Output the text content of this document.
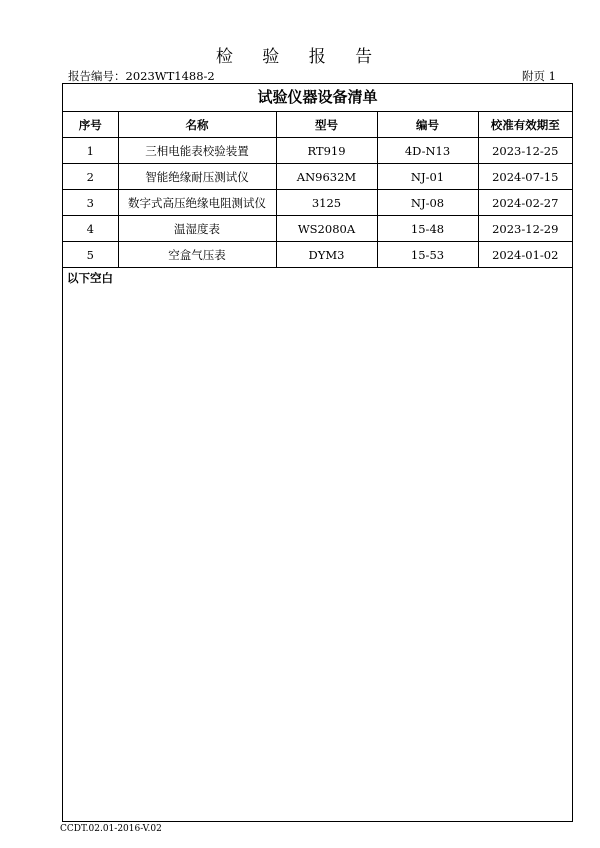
检 验 报 告
报告编号：2023WT1488-2	附页 1
试验仪器设备清单
序号	名称	型号	编号	校准有效期至
1	三相电能表校验装置	RT919	4D-N13	2023-12-25
2	智能绝缘耐压测试仪	AN9632M	NJ-01	2024-07-15
3	数字式高压绝缘电阻测试仪	3125	NJ-08	2024-02-27
4	温湿度表	WS2080A	15-48	2023-12-29
5	空盒气压表	DYM3	15-53	2024-01-02
以下空白
CCDT.02.01-2016-V.02
